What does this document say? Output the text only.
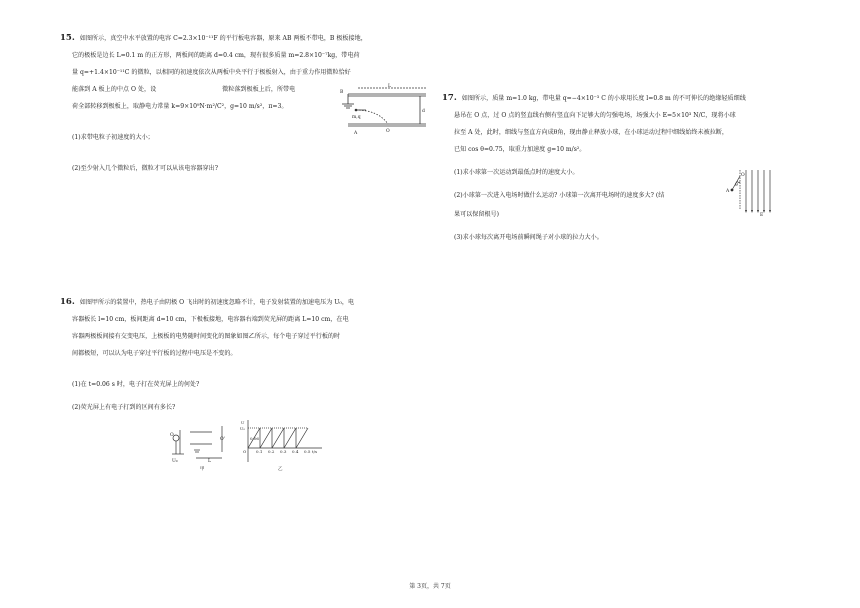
15. 如图所示，真空中水平放置的电容 C=2.3×10⁻¹¹F 的平行板电容器，原来 AB 两板不带电，B 极板接地，
它的极板是边长 L=0.1 m 的正方形，两板间的距离 d=0.4 cm，现有很多质量 m=2.8×10⁻⁷kg，带电荷
量 q=+1.4×10⁻¹¹C 的微粒，以相同的初速度依次从两板中央平行于极板射入，由于重力作用微粒恰好
能落到 A 板上的中点 O 处，设	微粒落到极板上后，所带电
荷全部转移到极板上，取静电力常量 k=9×10⁹N·m²/C²，g=10 m/s²，π=3。
(1)求带电粒子初速度的大小；
(2)至少射入几个微粒后，微粒才可以从该电容器穿出?
B
L
d
A	O
m,q
16. 如图甲所示的装置中，热电子由阴极 O 飞出时的初速度忽略不计，电子发射装置的加速电压为 U₀，电
容器板长 l=10 cm，板间距离 d=10 cm，下极板接地，电容器右端到荧光屏的距离 L=10 cm，在电
容器两极板间接有交变电压，上极板的电势随时间变化的图象如图乙所示，每个电子穿过平行板的时
间都极短，可以认为电子穿过平行板的过程中电压是不变的。
(1)在 t=0.06 s 时，电子打在荧光屏上的何处?
(2)荧光屏上有电子打到的区间有多长?
O
O'
U₀	L
甲
U
U₀
O
0.06
0.1 0.2 0.3 0.4 0.5 t/s
乙
17. 如图所示，质量 m=1.0 kg，带电量 q=−4×10⁻³ C 的小球用长度 l=0.8 m 的不可伸长的绝缘轻质细线
悬吊在 O 点，过 O 点的竖直线右侧有竖直向下足够大的匀强电场，场强大小 E=5×10³ N/C，现将小球
拉至 A 处，此时，细线与竖直方向成θ角，现由静止释放小球，在小球运动过程中细线始终未被拉断，
已知 cos θ=0.75，取重力加速度 g=10 m/s²。
(1)求小球第一次运动到最低点时的速度大小。
(2)小球第一次进入电场时做什么运动? 小球第一次离开电场时的速度多大? (结
果可以保留根号)
(3)求小球每次离开电场前瞬间绳子对小球的拉力大小。
O
A
θ
E
第 3页，共 7页
